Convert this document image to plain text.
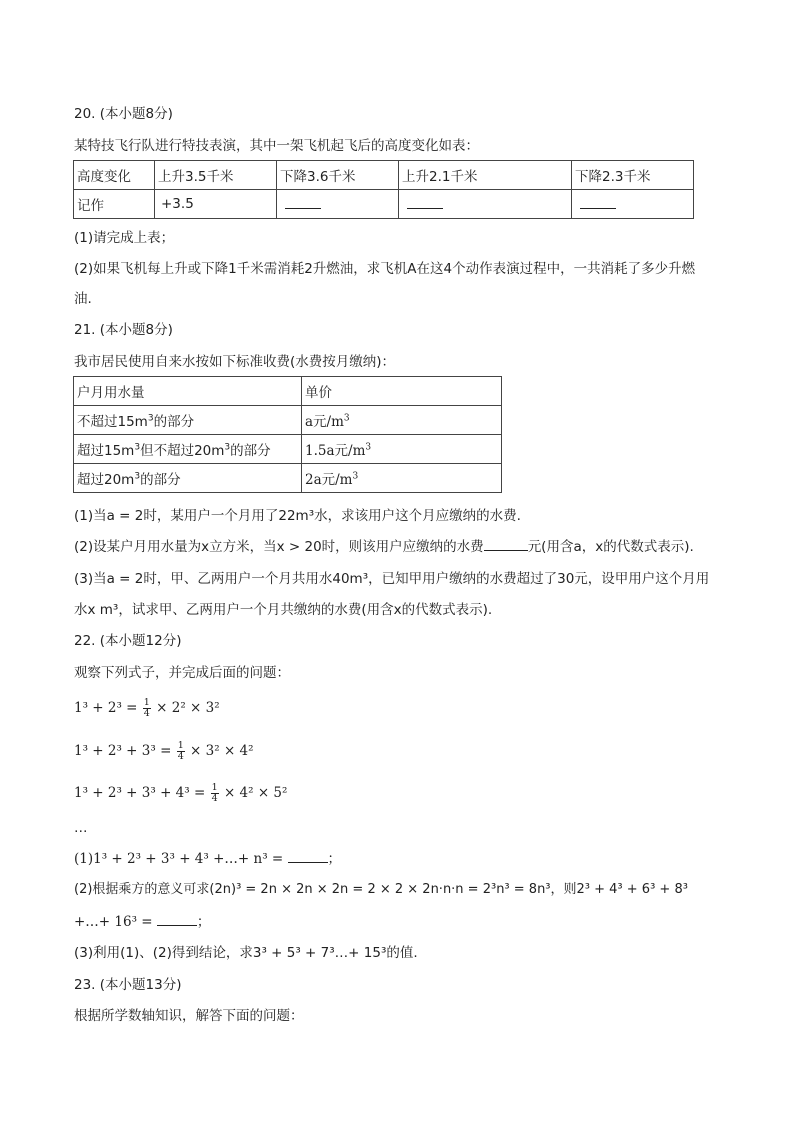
20. (本小题8分)
某特技飞行队进行特技表演，其中一架飞机起飞后的高度变化如表：
高度变化	上升3.5千米	下降3.6千米	上升2.1千米	下降2.3千米
记作	+3.5			
(1)请完成上表；
(2)如果飞机每上升或下降1千米需消耗2升燃油，求飞机A在这4个动作表演过程中，一共消耗了多少升燃
油.
21. (本小题8分)
我市居民使用自来水按如下标准收费(水费按月缴纳)：
户月用水量	单价
不超过$15m^3$的部分	a元$/m^3$
超过$15m^3$但不超过$20m^3$的部分	1.5a元$/m^3$
超过$20m^3$的部分	2a元$/m^3$
(1)当a = 2时，某用户一个月用了22m³水，求该用户这个月应缴纳的水费.
(2)设某户月用水量为x立方米，当x > 20时，则该用户应缴纳的水费	元(用含a，x的代数式表示).
(3)当a = 2时，甲、乙两用户一个月共用水40m³，已知甲用户缴纳的水费超过了30元，设甲用户这个月用
水x m³，试求甲、乙两用户一个月共缴纳的水费(用含x的代数式表示).
22. (本小题12分)
观察下列式子，并完成后面的问题：
$1^3 + 2^3 = \frac{1}{4} \times 2^2 \times 3^2$
$1^3 + 2^3 + 3^3 = \frac{1}{4} \times 3^2 \times 4^2$
$1^3 + 2^3 + 3^3 + 4^3 = \frac{1}{4} \times 4^2 \times 5^2$
…
(1)1³ + 2³ + 3³ + 4³ +…+ n³ =	；
(2)根据乘方的意义可求(2n)³ = 2n × 2n × 2n = 2 × 2 × 2n·n·n = 2³n³ = 8n³，则2³ + 4³ + 6³ + 8³
+…+ 16³ =	；
(3)利用(1)、(2)得到结论，求3³ + 5³ + 7³…+ 15³的值.
23. (本小题13分)
根据所学数轴知识，解答下面的问题：
